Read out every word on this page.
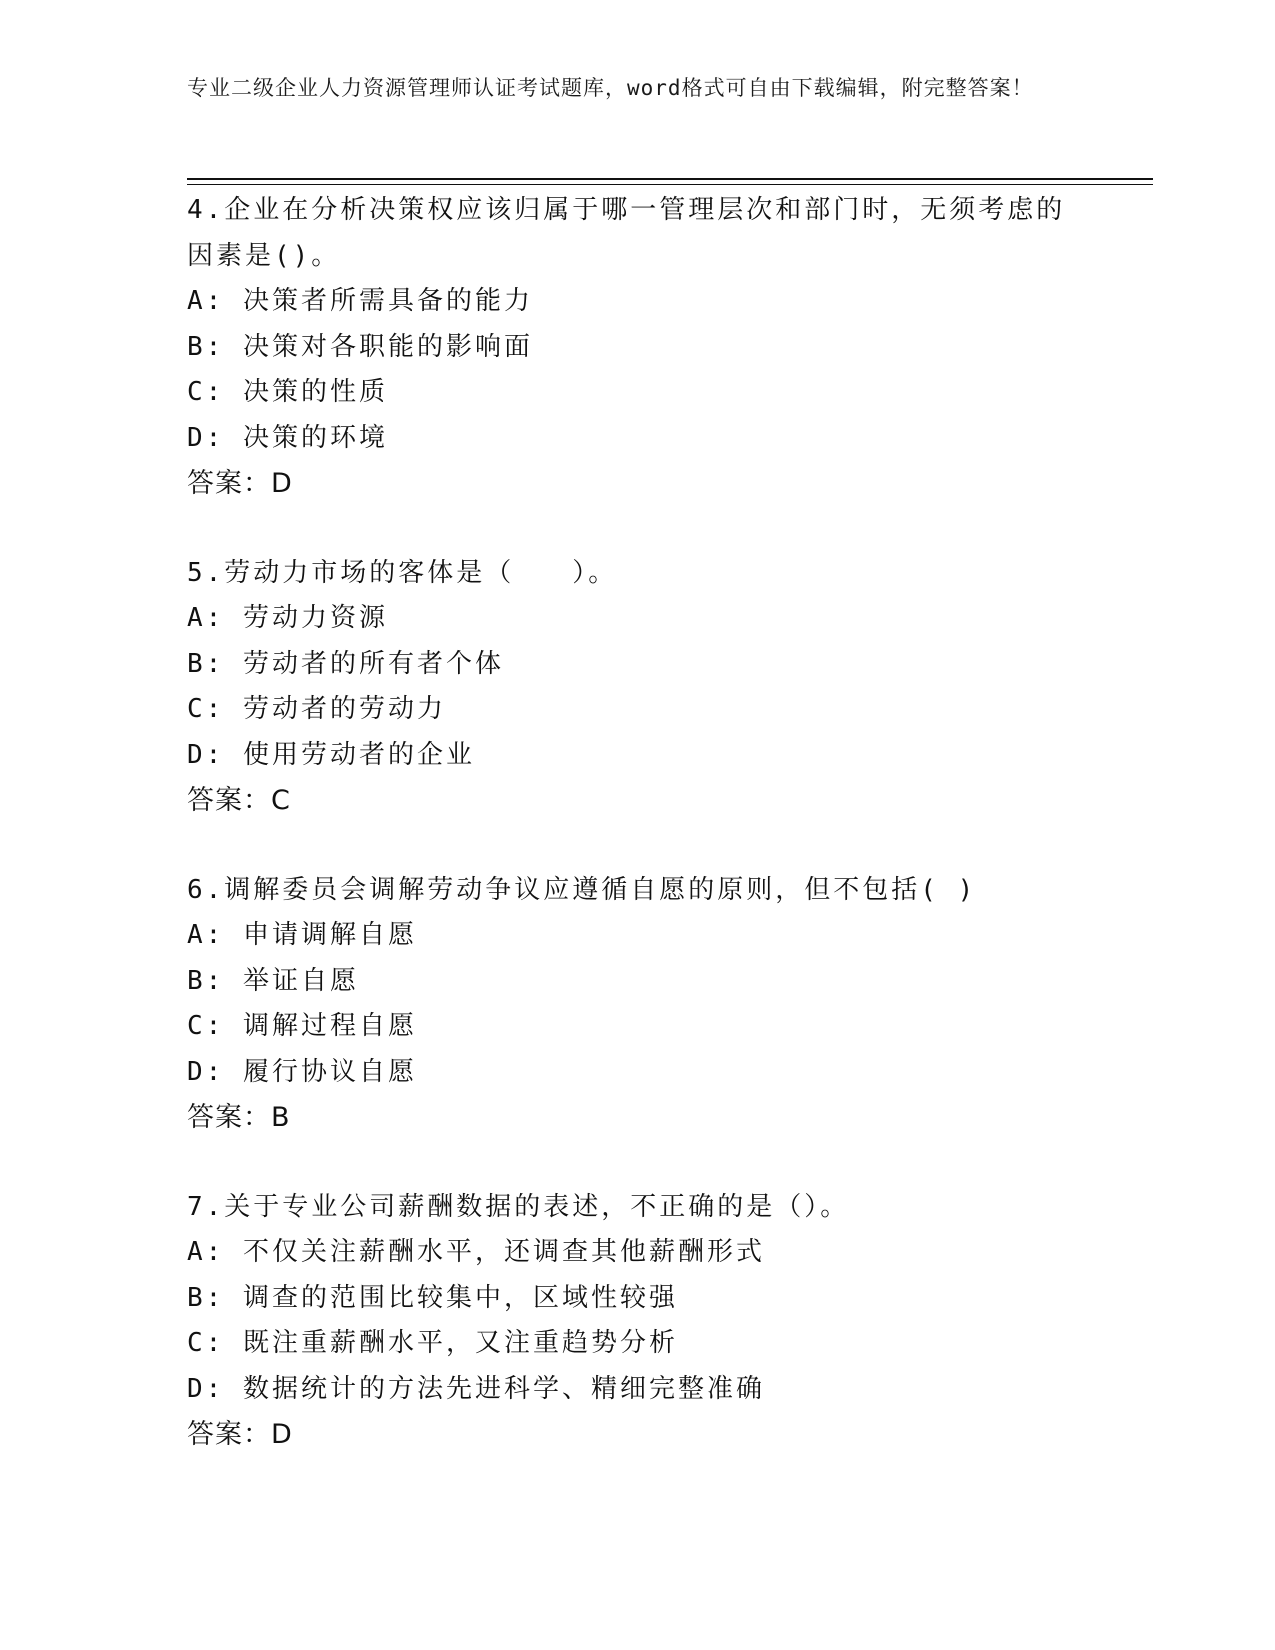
专业二级企业人力资源管理师认证考试题库，word格式可自由下载编辑，附完整答案！

4.企业在分析决策权应该归属于哪一管理层次和部门时，无须考虑的因素是()。

A: 决策者所需具备的能力

B: 决策对各职能的影响面

C: 决策的性质

D: 决策的环境

答案：D

5.劳动力市场的客体是（　　）。

A: 劳动力资源

B: 劳动者的所有者个体

C: 劳动者的劳动力

D: 使用劳动者的企业

答案：C

6.调解委员会调解劳动争议应遵循自愿的原则，但不包括( )

A: 申请调解自愿

B: 举证自愿

C: 调解过程自愿

D: 履行协议自愿

答案：B

7.关于专业公司薪酬数据的表述，不正确的是（）。

A: 不仅关注薪酬水平，还调查其他薪酬形式

B: 调查的范围比较集中，区域性较强

C: 既注重薪酬水平，又注重趋势分析

D: 数据统计的方法先进科学、精细完整准确

答案：D
